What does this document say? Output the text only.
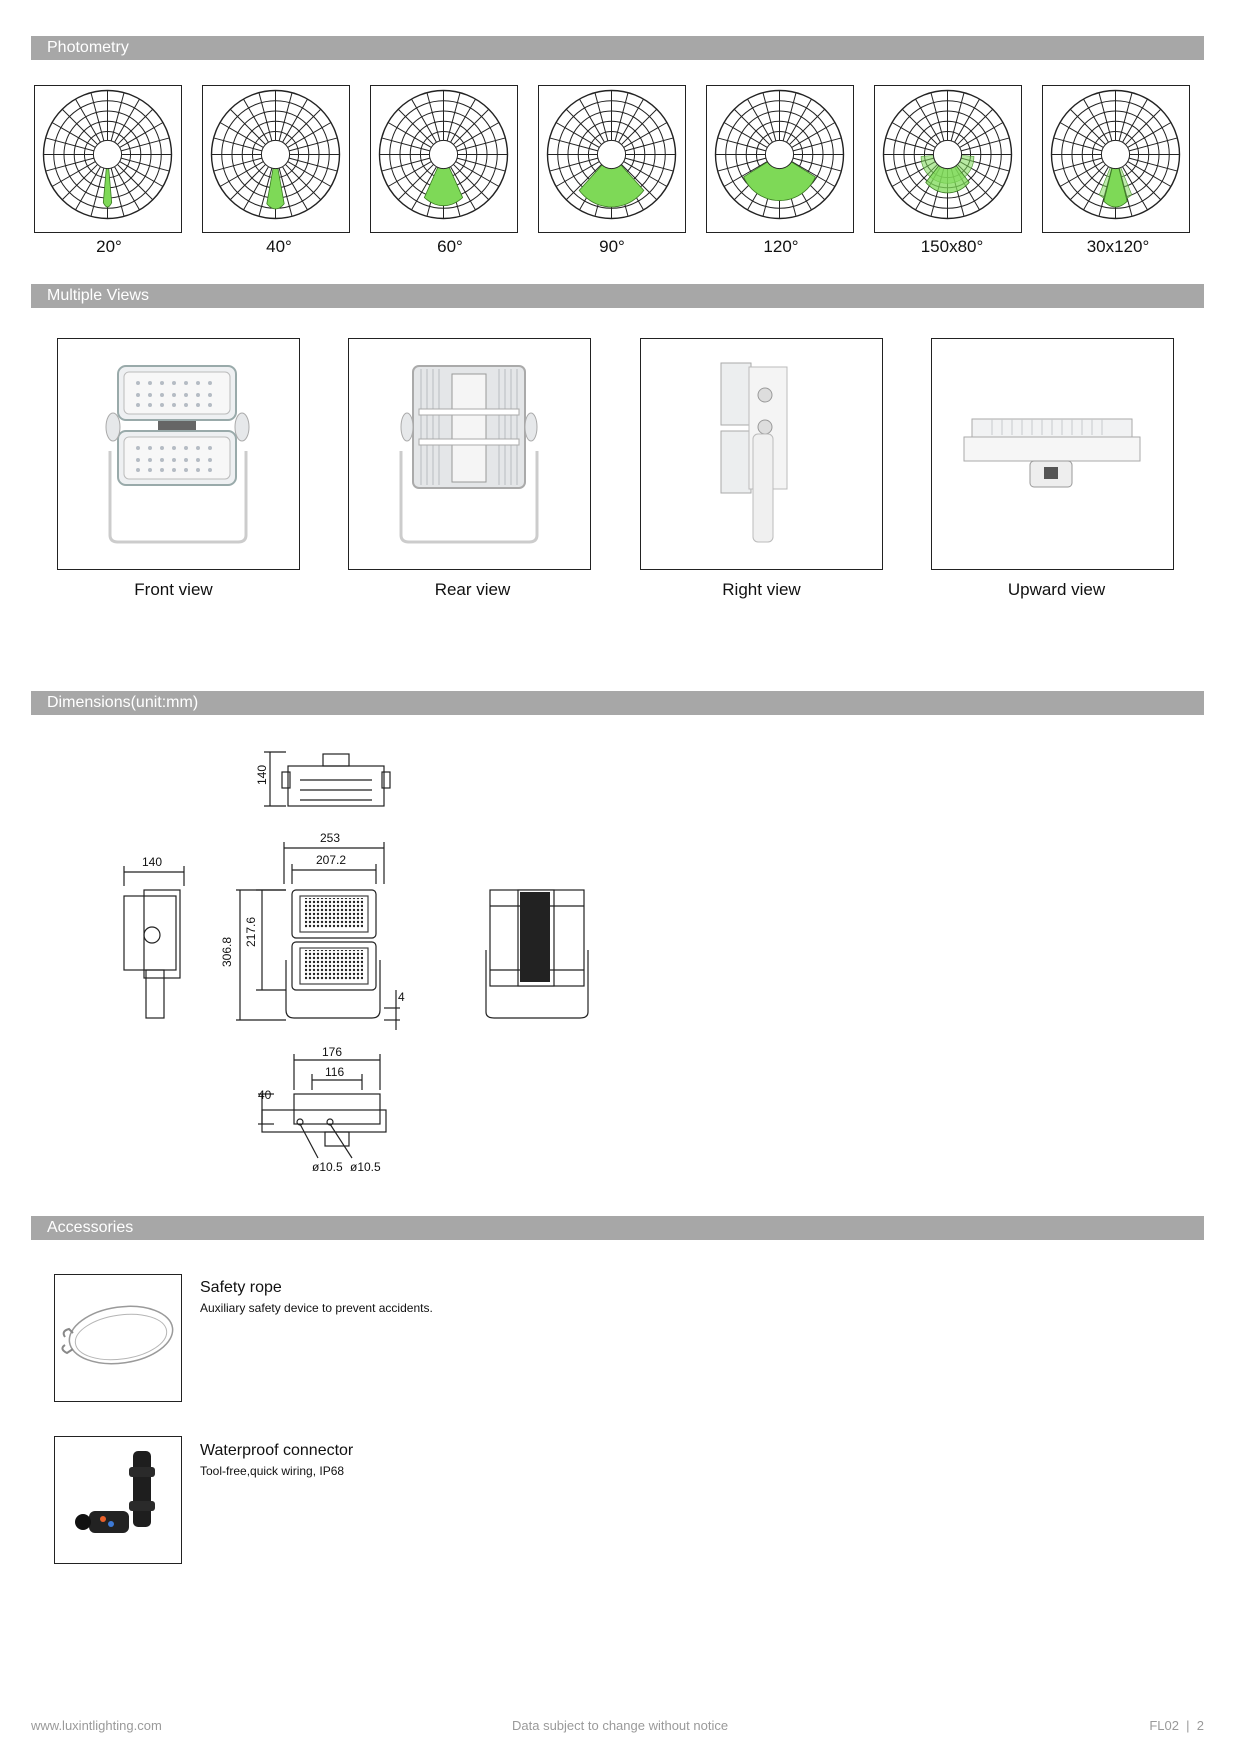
Photometry
20°	40°	60°	90°	120°	150x80°	30x120°
Multiple Views
Front view	Rear view	Right view	Upward view
Dimensions(unit:mm)
140
140
253
207.2
306.8
217.6
4
176
116
40
ø10.5 ø10.5
Accessories
Safety rope
Auxiliary safety device to prevent accidents.
Waterproof connector
Tool-free,quick wiring, IP68
www.luxintlighting.com	Data subject to change without notice	FL02  |  2
